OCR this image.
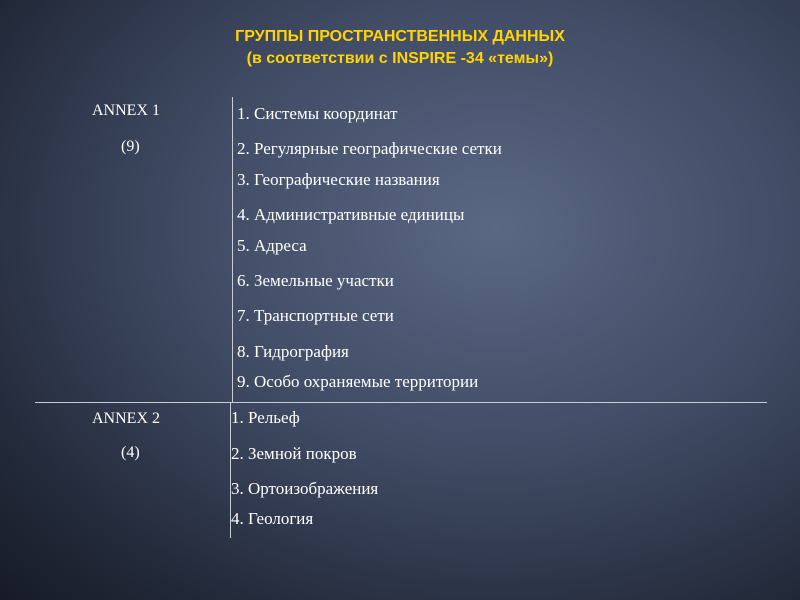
ГРУППЫ ПРОСТРАНСТВЕННЫХ ДАННЫХ
(в соответствии с INSPIRE -34 «темы»)
ANNEX 1
(9)
1. Системы координат
2. Регулярные географические сетки
3. Географические названия
4. Административные единицы
5. Адреса
6. Земельные участки
7. Транспортные сети
8. Гидрография
9. Особо охраняемые территории
ANNEX 2
(4)
1. Рельеф
2. Земной покров
3. Ортоизображения
4. Геология
